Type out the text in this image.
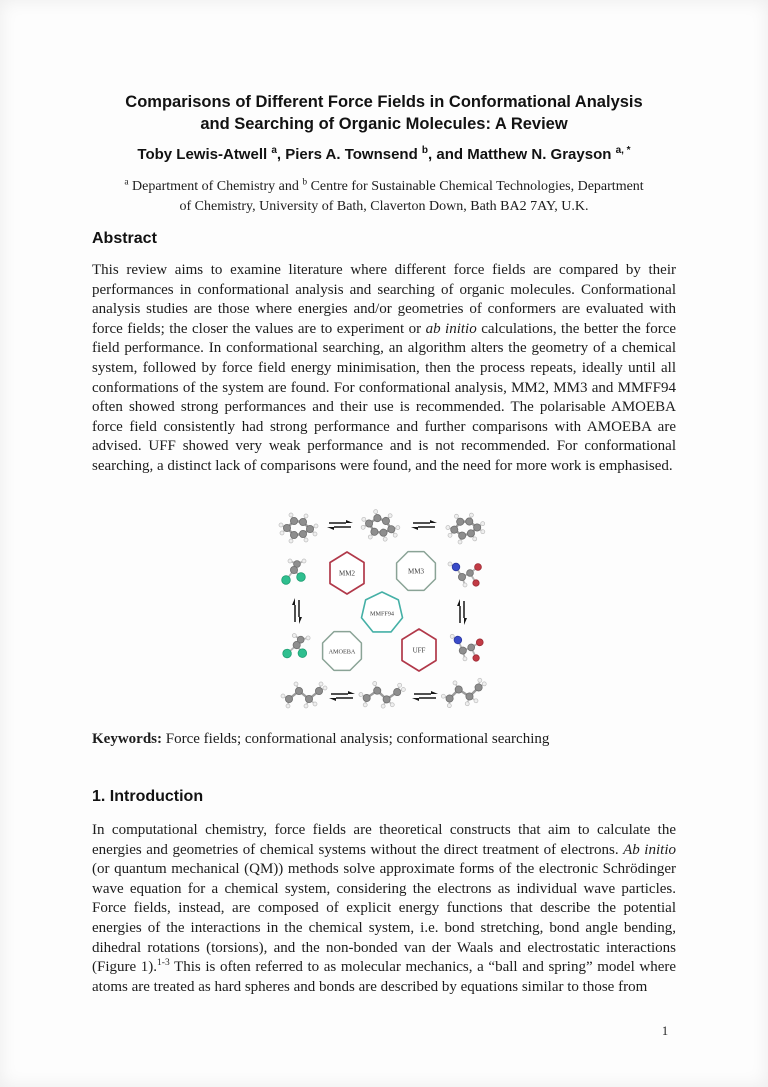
Comparisons of Different Force Fields in Conformational Analysis
and Searching of Organic Molecules: A Review
Toby Lewis-Atwell $^a$, Piers A. Townsend $^b$, and Matthew N. Grayson $^{a, *}$
$^a$ Department of Chemistry and $^b$ Centre for Sustainable Chemical Technologies, Department
of Chemistry, University of Bath, Claverton Down, Bath BA2 7AY, U.K.
Abstract
This review aims to examine literature where different force fields are compared by their performances in conformational analysis and searching of organic molecules. Conformational analysis studies are those where energies and/or geometries of conformers are evaluated with force fields; the closer the values are to experiment or ab initio calculations, the better the force field performance. In conformational searching, an algorithm alters the geometry of a chemical system, followed by force field energy minimisation, then the process repeats, ideally until all conformations of the system are found. For conformational analysis, MM2, MM3 and MMFF94 often showed strong performances and their use is recommended. The polarisable AMOEBA force field consistently had strong performance and further comparisons with AMOEBA are advised. UFF showed very weak performance and is not recommended. For conformational searching, a distinct lack of comparisons were found, and the need for more work is emphasised.
MM2	MM3
MMFF94
AMOEBA	UFF
Keywords: Force fields; conformational analysis; conformational searching
1. Introduction
In computational chemistry, force fields are theoretical constructs that aim to calculate the energies and geometries of chemical systems without the direct treatment of electrons. Ab initio (or quantum mechanical (QM)) methods solve approximate forms of the electronic Schrödinger wave equation for a chemical system, considering the electrons as individual wave particles. Force fields, instead, are composed of explicit energy functions that describe the potential energies of the interactions in the chemical system, i.e. bond stretching, bond angle bending, dihedral rotations (torsions), and the non-bonded van der Waals and electrostatic interactions (Figure 1).$^{1-3}$ This is often referred to as molecular mechanics, a “ball and spring” model where atoms are treated as hard spheres and bonds are described by equations similar to those from
1
